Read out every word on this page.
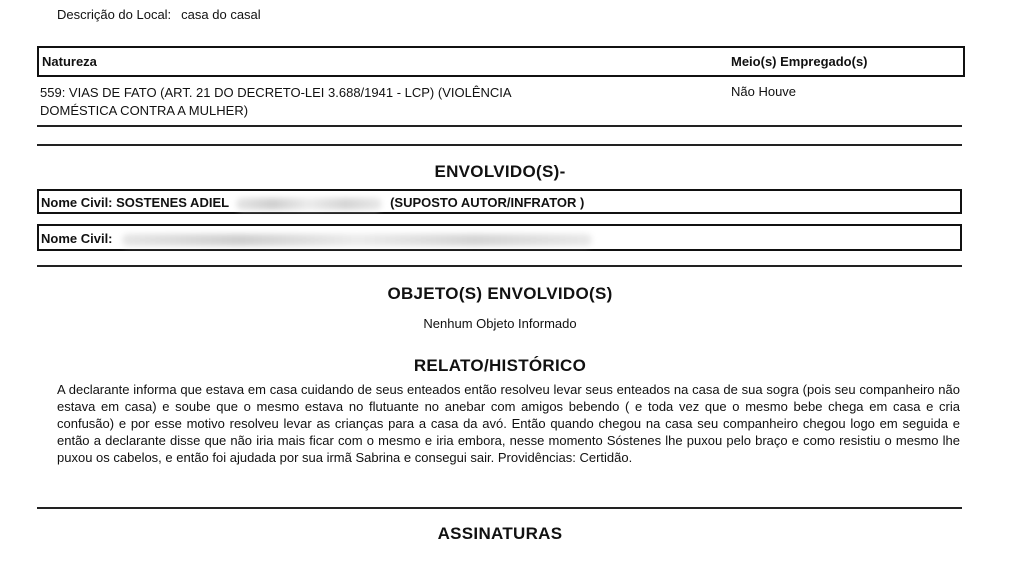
Descrição do Local: casa do casal
Natureza	Meio(s) Empregado(s)
559: VIAS DE FATO (ART. 21 DO DECRETO-LEI 3.688/1941 - LCP) (VIOLÊNCIA
DOMÉSTICA CONTRA A MULHER)
Não Houve
ENVOLVIDO(S)-
Nome Civil: SOSTENES ADIEL	(SUPOSTO AUTOR/INFRATOR )
Nome Civil:
OBJETO(S) ENVOLVIDO(S)
Nenhum Objeto Informado
RELATO/HISTÓRICO
A declarante informa que estava em casa cuidando de seus enteados então resolveu levar seus enteados na casa de sua sogra (pois seu companheiro não estava em casa) e soube que o mesmo estava no flutuante no anebar com amigos bebendo ( e toda vez que o mesmo bebe chega em casa e cria confusão) e por esse motivo resolveu levar as crianças para a casa da avó. Então quando chegou na casa seu companheiro chegou logo em seguida e então a declarante disse que não iria mais ficar com o mesmo e iria embora, nesse momento Sóstenes lhe puxou pelo braço e como resistiu o mesmo lhe puxou os cabelos, e então foi ajudada por sua irmã Sabrina e consegui sair. Providências: Certidão.
ASSINATURAS
